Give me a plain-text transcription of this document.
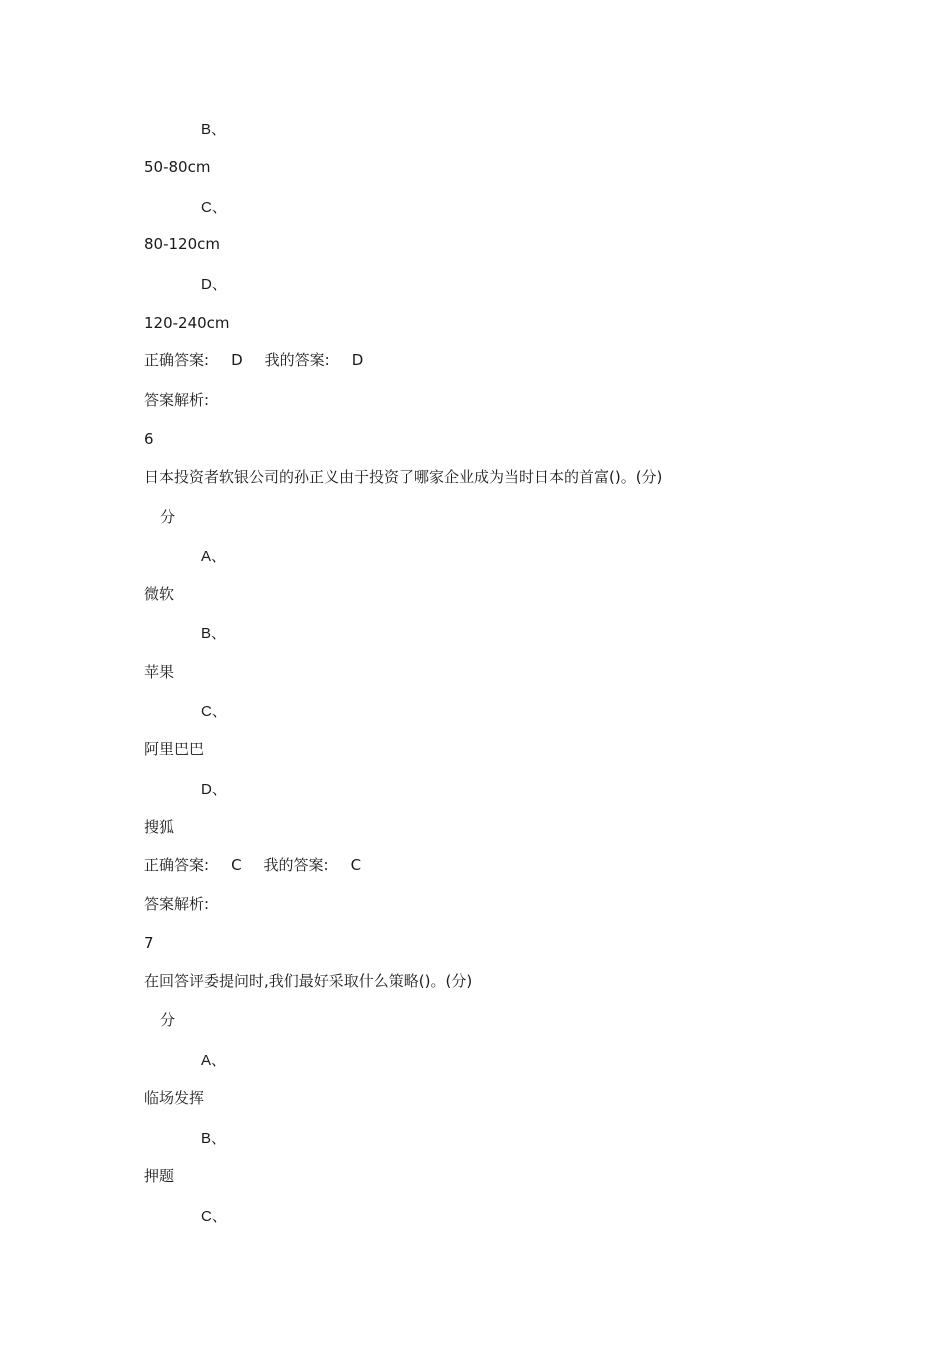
B、
50-80cm
C、
80-120cm
D、
120-240cm
正确答案: D 我的答案: D
答案解析:
6
日本投资者软银公司的孙正义由于投资了哪家企业成为当时日本的首富()。(分)
分
A、
微软
B、
苹果
C、
阿里巴巴
D、
搜狐
正确答案: C 我的答案: C
答案解析:
7
在回答评委提问时,我们最好采取什么策略()。(分)
分
A、
临场发挥
B、
押题
C、
